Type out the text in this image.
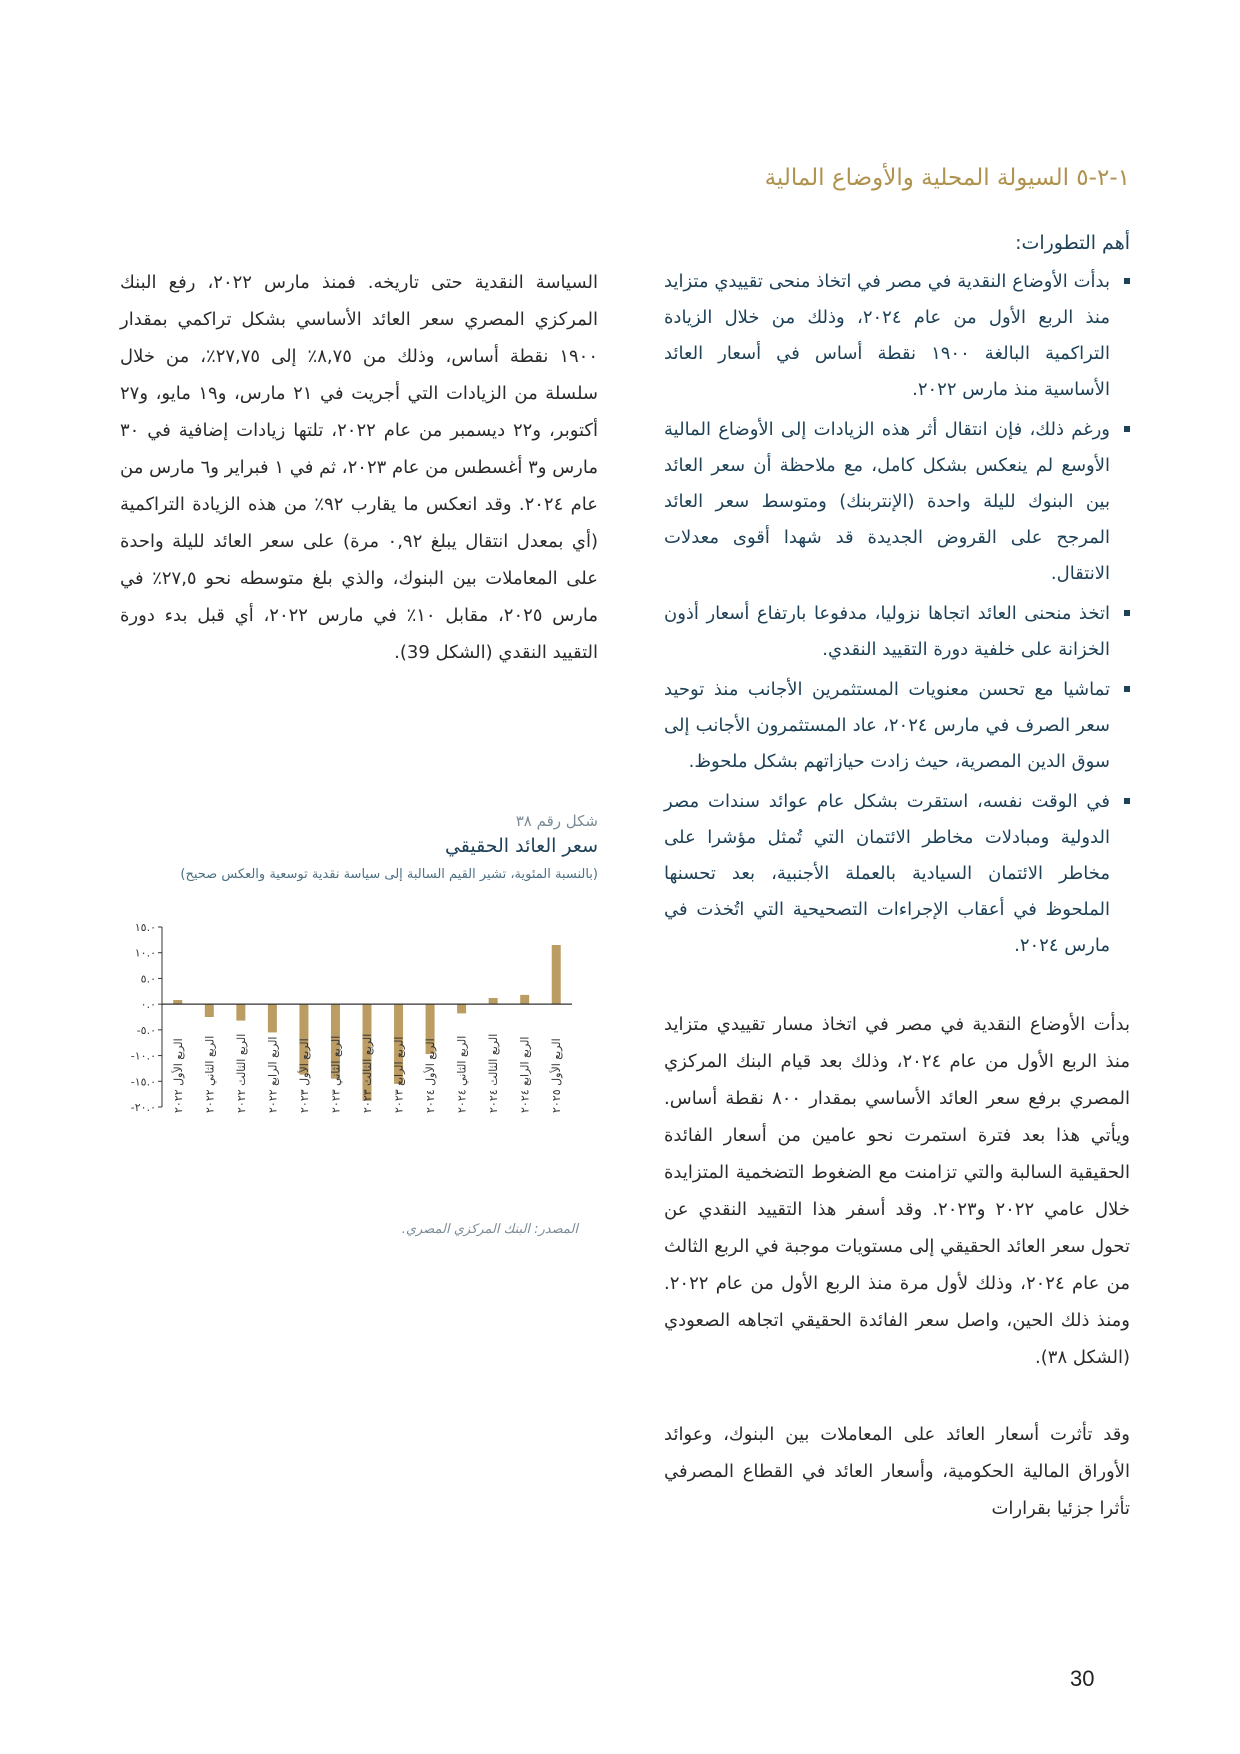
١-٢-٥ السيولة المحلية والأوضاع المالية
أهم التطورات:
بدأت الأوضاع النقدية في مصر في اتخاذ منحى تقييدي متزايد منذ الربع الأول من عام ٢٠٢٤، وذلك من خلال الزيادة التراكمية البالغة ١٩٠٠ نقطة أساس في أسعار العائد الأساسية منذ مارس ٢٠٢٢.
ورغم ذلك، فإن انتقال أثر هذه الزيادات إلى الأوضاع المالية الأوسع لم ينعكس بشكل كامل، مع ملاحظة أن سعر العائد بين البنوك لليلة واحدة (الإنتربنك) ومتوسط سعر العائد المرجح على القروض الجديدة قد شهدا أقوى معدلات الانتقال.
اتخذ منحنى العائد اتجاها نزوليا، مدفوعا بارتفاع أسعار أذون الخزانة على خلفية دورة التقييد النقدي.
تماشيا مع تحسن معنويات المستثمرين الأجانب منذ توحيد سعر الصرف في مارس ٢٠٢٤، عاد المستثمرون الأجانب إلى سوق الدين المصرية، حيث زادت حيازاتهم بشكل ملحوظ.
في الوقت نفسه، استقرت بشكل عام عوائد سندات مصر الدولية ومبادلات مخاطر الائتمان التي تُمثل مؤشرا على مخاطر الائتمان السيادية بالعملة الأجنبية، بعد تحسنها الملحوظ في أعقاب الإجراءات التصحيحية التي اتُخذت في مارس ٢٠٢٤.

بدأت الأوضاع النقدية في مصر في اتخاذ مسار تقييدي متزايد منذ الربع الأول من عام ٢٠٢٤، وذلك بعد قيام البنك المركزي المصري برفع سعر العائد الأساسي بمقدار ٨٠٠ نقطة أساس. ويأتي هذا بعد فترة استمرت نحو عامين من أسعار الفائدة الحقيقية السالبة والتي تزامنت مع الضغوط التضخمية المتزايدة خلال عامي ٢٠٢٢ و٢٠٢٣. وقد أسفر هذا التقييد النقدي عن تحول سعر العائد الحقيقي إلى مستويات موجبة في الربع الثالث من عام ٢٠٢٤، وذلك لأول مرة منذ الربع الأول من عام ٢٠٢٢. ومنذ ذلك الحين، واصل سعر الفائدة الحقيقي اتجاهه الصعودي (الشكل ٣٨).

وقد تأثرت أسعار العائد على المعاملات بين البنوك، وعوائد الأوراق المالية الحكومية، وأسعار العائد في القطاع المصرفي تأثرا جزئيا بقرارات

السياسة النقدية حتى تاريخه. فمنذ مارس ٢٠٢٢، رفع البنك المركزي المصري سعر العائد الأساسي بشكل تراكمي بمقدار ١٩٠٠ نقطة أساس، وذلك من ٨,٧٥٪ إلى ٢٧,٧٥٪، من خلال سلسلة من الزيادات التي أجريت في ٢١ مارس، و١٩ مايو، و٢٧ أكتوبر، و٢٢ ديسمبر من عام ٢٠٢٢، تلتها زيادات إضافية في ٣٠ مارس و٣ أغسطس من عام ٢٠٢٣، ثم في ١ فبراير و٦ مارس من عام ٢٠٢٤. وقد انعكس ما يقارب ٩٢٪ من هذه الزيادة التراكمية (أي بمعدل انتقال يبلغ ٠,٩٢ مرة) على سعر العائد لليلة واحدة على المعاملات بين البنوك، والذي بلغ متوسطه نحو ٢٧,٥٪ في مارس ٢٠٢٥، مقابل ١٠٪ في مارس ٢٠٢٢، أي قبل بدء دورة التقييد النقدي (الشكل 39).

شكل رقم ٣٨
سعر العائد الحقيقي
(بالنسبة المئوية، تشير القيم السالبة إلى سياسة نقدية توسعية والعكس صحيح)
١٥.٠
١٠.٠
٥.٠
٠.٠
-٥.٠
-١٠.٠
-١٥.٠
-٢٠.٠ الربع الأول ٢٠٢٢
الربع الثاني ٢٠٢٢
الربع الثالث ٢٠٢٢
الربع الرابع ٢٠٢٢
الربع الأول ٢٠٢٣
الربع الثاني ٢٠٢٣
الربع الثالث ٢٠٢٣
الربع الرابع ٢٠٢٣
الربع الأول ٢٠٢٤
الربع الثاني ٢٠٢٤
الربع الثالث ٢٠٢٤
الربع الرابع ٢٠٢٤
الربع الأول ٢٠٢٥
المصدر: البنك المركزي المصري.
30
